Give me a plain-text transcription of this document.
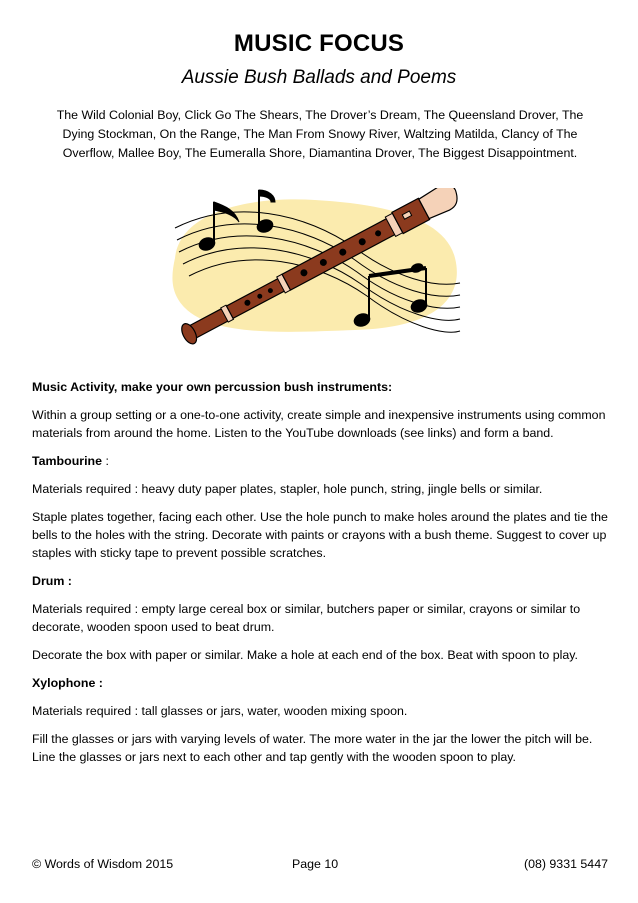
MUSIC FOCUS
Aussie Bush Ballads and Poems
The Wild Colonial Boy, Click Go The Shears, The Drover’s Dream, The Queensland Drover, The
Dying Stockman, On the Range, The Man From Snowy River, Waltzing Matilda, Clancy of The
Overflow, Mallee Boy, The Eumeralla Shore, Diamantina Drover, The Biggest Disappointment.

Music Activity, make your own percussion bush instruments:

Within a group setting or a one-to-one activity, create simple and inexpensive instruments using common materials from around the home. Listen to the YouTube downloads (see links) and form a band.

Tambourine :

Materials required : heavy duty paper plates, stapler, hole punch, string, jingle bells or similar.

Staple plates together, facing each other. Use the hole punch to make holes around the plates and tie the bells to the holes with the string. Decorate with paints or crayons with a bush theme. Suggest to cover up staples with sticky tape to prevent possible scratches.

Drum :

Materials required : empty large cereal box or similar, butchers paper or similar, crayons or similar to decorate, wooden spoon used to beat drum.

Decorate the box with paper or similar. Make a hole at each end of the box. Beat with spoon to play.

Xylophone :

Materials required : tall glasses or jars, water, wooden mixing spoon.

Fill the glasses or jars with varying levels of water. The more water in the jar the lower the pitch will be. Line the glasses or jars next to each other and tap gently with the wooden spoon to play.

© Words of Wisdom 2015	Page 10	(08) 9331 5447
